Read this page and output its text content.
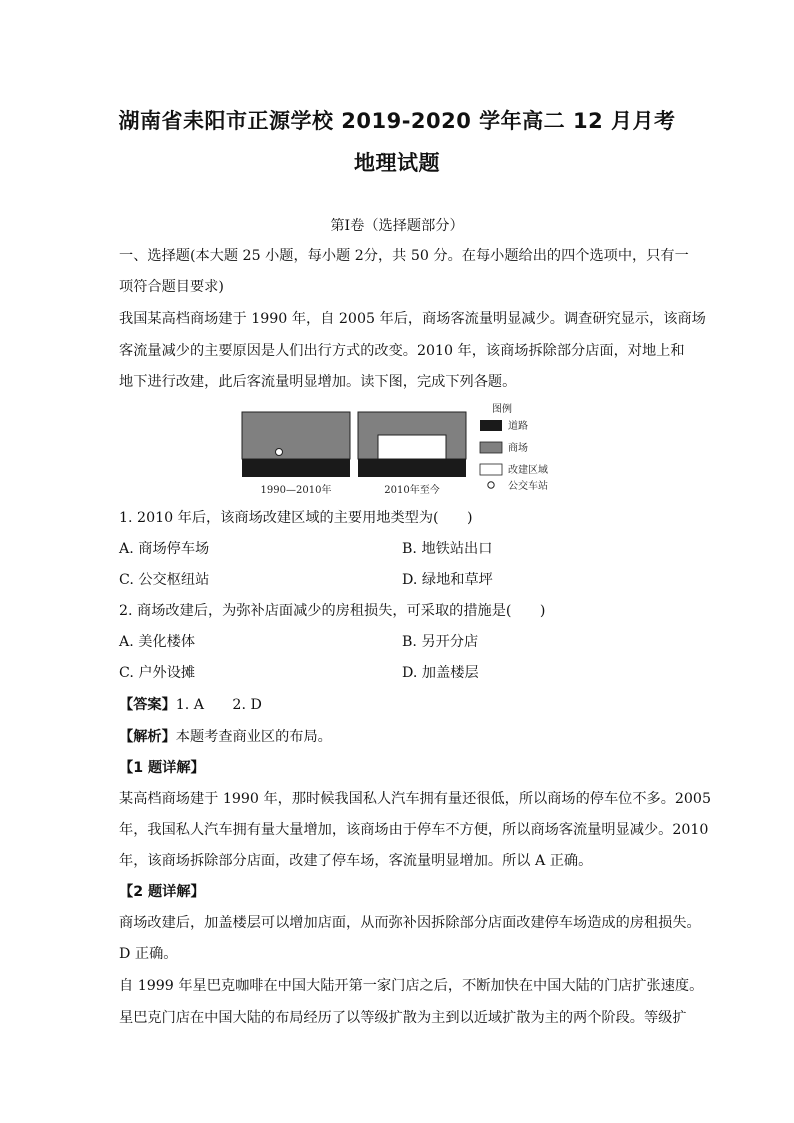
湖南省耒阳市正源学校 2019-2020 学年高二 12 月月考
地理试题
第Ⅰ卷（选择题部分）
一、选择题(本大题 25 小题，每小题 2分，共 50 分。在每小题给出的四个选项中，只有一
项符合题目要求)
我国某高档商场建于 1990 年，自 2005 年后，商场客流量明显减少。调查研究显示，该商场
客流量减少的主要原因是人们出行方式的改变。2010 年，该商场拆除部分店面，对地上和
地下进行改建，此后客流量明显增加。读下图，完成下列各题。
1990—2010年	2010年至今
图例
道路
商场
改建区域
公交车站
1. 2010 年后，该商场改建区域的主要用地类型为(　　)
A. 商场停车场	B. 地铁站出口
C. 公交枢纽站	D. 绿地和草坪
2. 商场改建后，为弥补店面减少的房租损失，可采取的措施是(　　)
A. 美化楼体	B. 另开分店
C. 户外设摊	D. 加盖楼层
【答案】1. A　　2. D
【解析】本题考查商业区的布局。
【1 题详解】
某高档商场建于 1990 年，那时候我国私人汽车拥有量还很低，所以商场的停车位不多。2005
年，我国私人汽车拥有量大量增加，该商场由于停车不方便，所以商场客流量明显减少。2010
年，该商场拆除部分店面，改建了停车场，客流量明显增加。所以 A 正确。
【2 题详解】
商场改建后，加盖楼层可以增加店面，从而弥补因拆除部分店面改建停车场造成的房租损失。
D 正确。
自 1999 年星巴克咖啡在中国大陆开第一家门店之后，不断加快在中国大陆的门店扩张速度。
星巴克门店在中国大陆的布局经历了以等级扩散为主到以近域扩散为主的两个阶段。等级扩
